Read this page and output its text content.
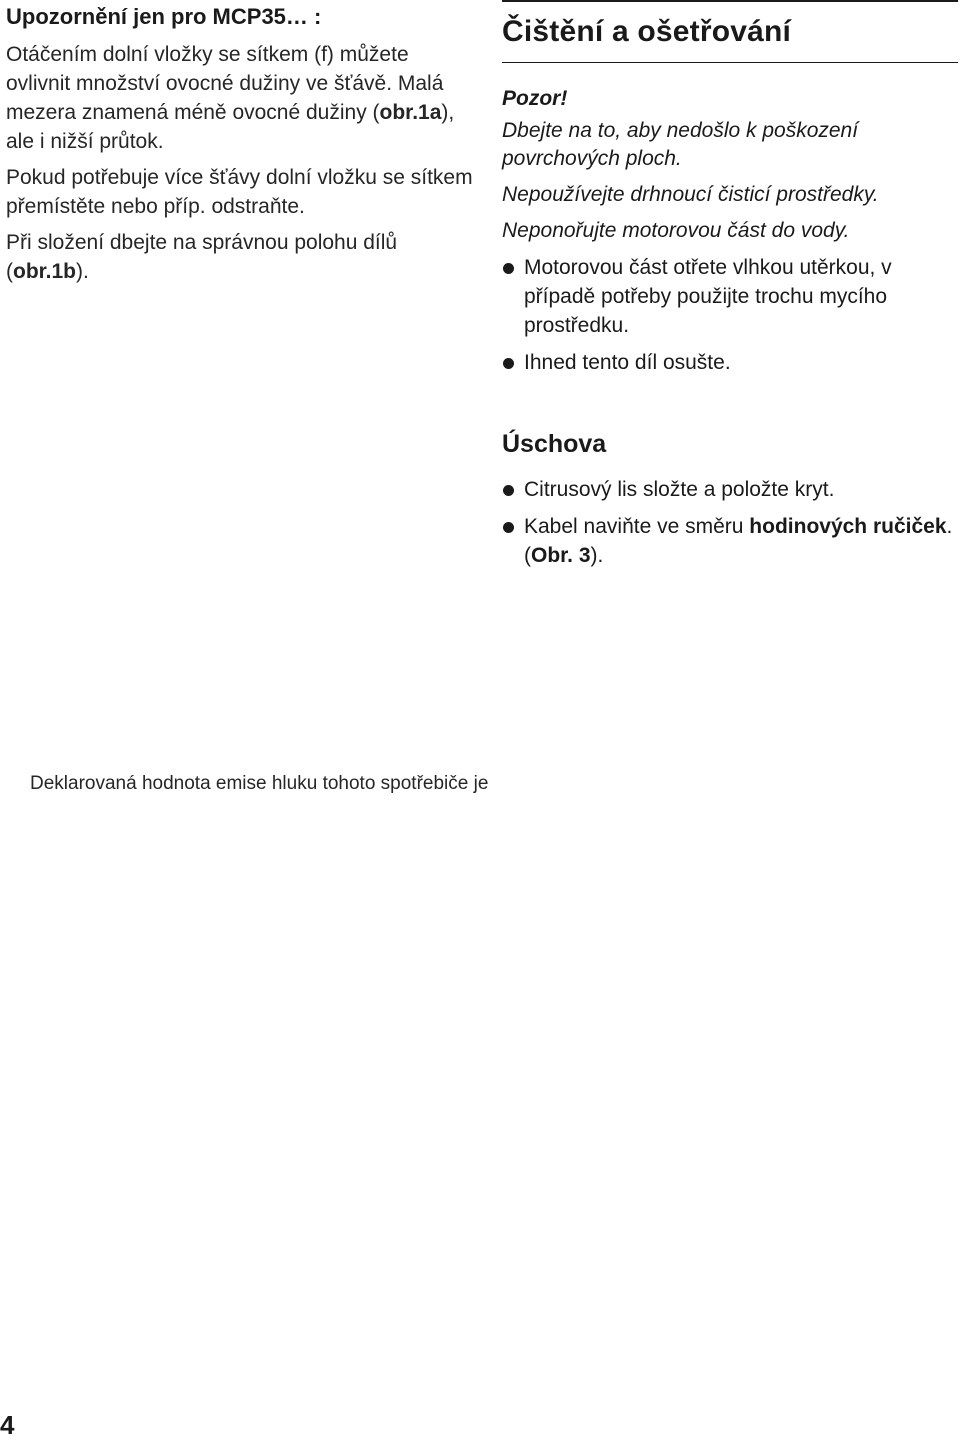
Upozornění jen pro MCP35… :

Otáčením dolní vložky se sítkem (f) můžete ovlivnit množství ovocné dužiny ve šťávě. Malá mezera znamená méně ovocné dužiny (obr.1a), ale i nižší průtok.

Pokud potřebuje více šťávy dolní vložku se sítkem přemístěte nebo příp. odstraňte.

Při složení dbejte na správnou polohu dílů (obr.1b).

Čištění a ošetřování
Pozor!
Dbejte na to, aby nedošlo k poškození povrchových ploch.
Nepoužívejte drhnoucí čisticí prostředky.
Neponořujte motorovou část do vody.
Motorovou část otřete vlhkou utěrkou, v případě potřeby použijte trochu mycího prostředku.
Ihned tento díl osušte.
Úschova
Citrusový lis složte a položte kryt.
Kabel naviňte ve směru hodinových ručiček. (Obr. 3).
Deklarovaná hodnota emise hluku tohoto spotřebiče je
4
